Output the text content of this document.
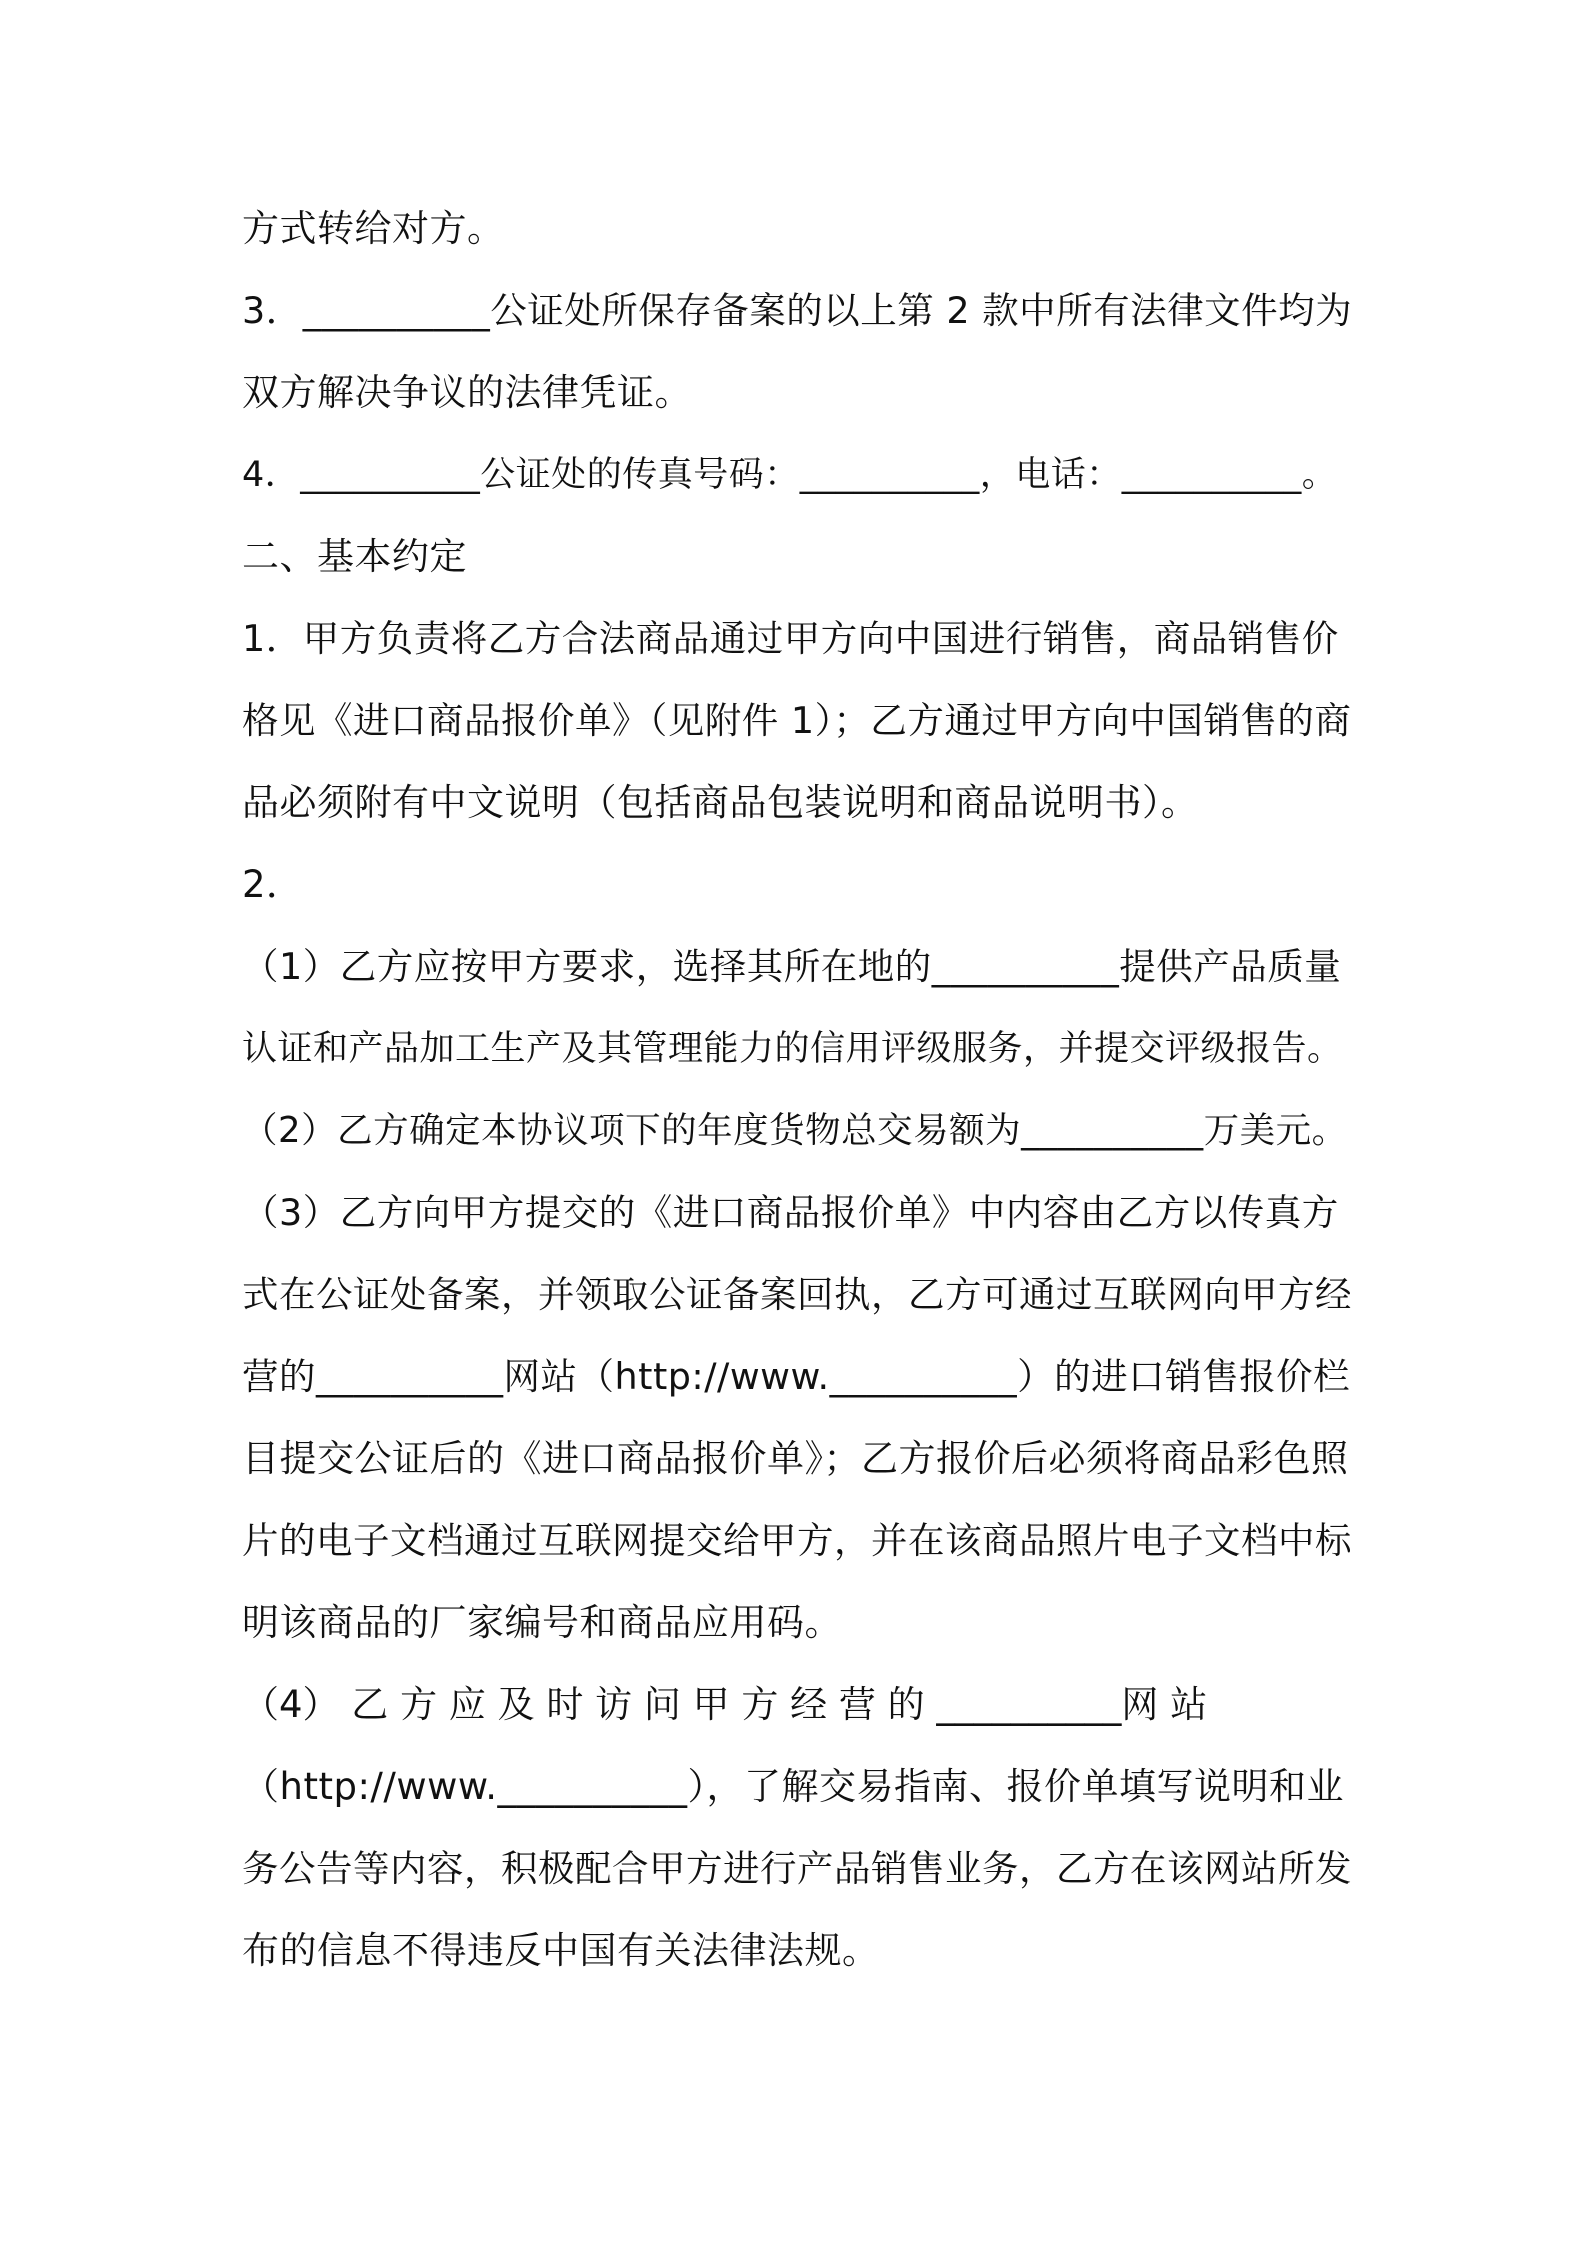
方式转给对方。
3．__________公证处所保存备案的以上第 2 款中所有法律文件均为
双方解决争议的法律凭证。
4．__________公证处的传真号码：__________，电话：__________。
二、基本约定
1．甲方负责将乙方合法商品通过甲方向中国进行销售，商品销售价
格见《进口商品报价单》（见附件 1）；乙方通过甲方向中国销售的商
品必须附有中文说明（包括商品包装说明和商品说明书）。
2．
（1）乙方应按甲方要求，选择其所在地的__________提供产品质量
认证和产品加工生产及其管理能力的信用评级服务，并提交评级报告。
（2）乙方确定本协议项下的年度货物总交易额为__________万美元。
（3）乙方向甲方提交的《进口商品报价单》中内容由乙方以传真方
式在公证处备案，并领取公证备案回执，乙方可通过互联网向甲方经
营的__________网站（http://www.__________）的进口销售报价栏
目提交公证后的《进口商品报价单》；乙方报价后必须将商品彩色照
片的电子文档通过互联网提交给甲方，并在该商品照片电子文档中标
明该商品的厂家编号和商品应用码。
（4） 乙 方 应 及 时 访 问 甲 方 经 营 的 __________网 站
（http://www.__________），了解交易指南、报价单填写说明和业
务公告等内容，积极配合甲方进行产品销售业务，乙方在该网站所发
布的信息不得违反中国有关法律法规。
